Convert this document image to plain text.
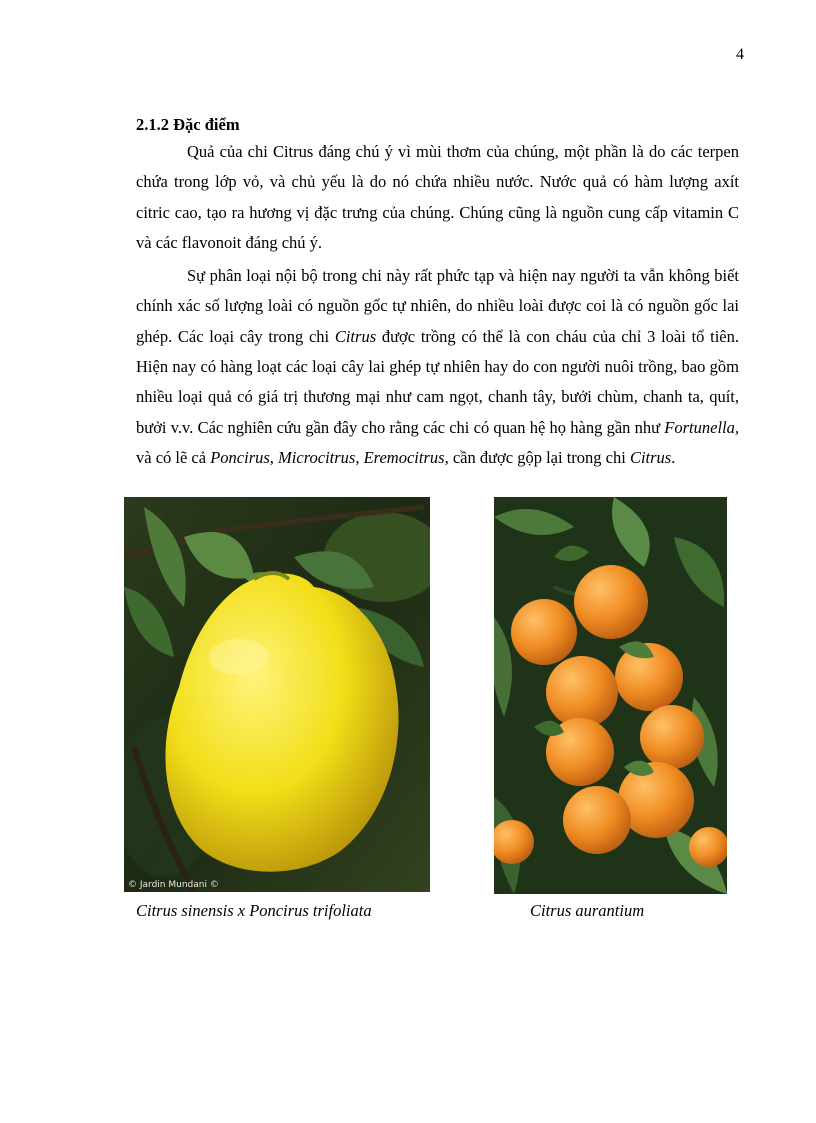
4
2.1.2 Đặc điểm

Quả của chi Citrus đáng chú ý vì mùi thơm của chúng, một phần là do các terpen chứa trong lớp vỏ, và chủ yếu là do nó chứa nhiều nước. Nước quả có hàm lượng axít citric cao, tạo ra hương vị đặc trưng của chúng. Chúng cũng là nguồn cung cấp vitamin C và các flavonoit đáng chú ý.

Sự phân loại nội bộ trong chi này rất phức tạp và hiện nay người ta vẫn không biết chính xác số lượng loài có nguồn gốc tự nhiên, do nhiều loài được coi là có nguồn gốc lai ghép. Các loại cây trong chi Citrus được trồng có thể là con cháu của chỉ 3 loài tổ tiên. Hiện nay có hàng loạt các loại cây lai ghép tự nhiên hay do con người nuôi trồng, bao gồm nhiều loại quả có giá trị thương mại như cam ngọt, chanh tây, bưởi chùm, chanh ta, quít, bưởi v.v. Các nghiên cứu gần đây cho rằng các chi có quan hệ họ hàng gần như Fortunella, và có lẽ cả Poncirus, Microcitrus, Eremocitrus, cần được gộp lại trong chi Citrus.

© Jardin Mundani ©

Citrus sinensis x Poncirus trifoliata	Citrus aurantium
